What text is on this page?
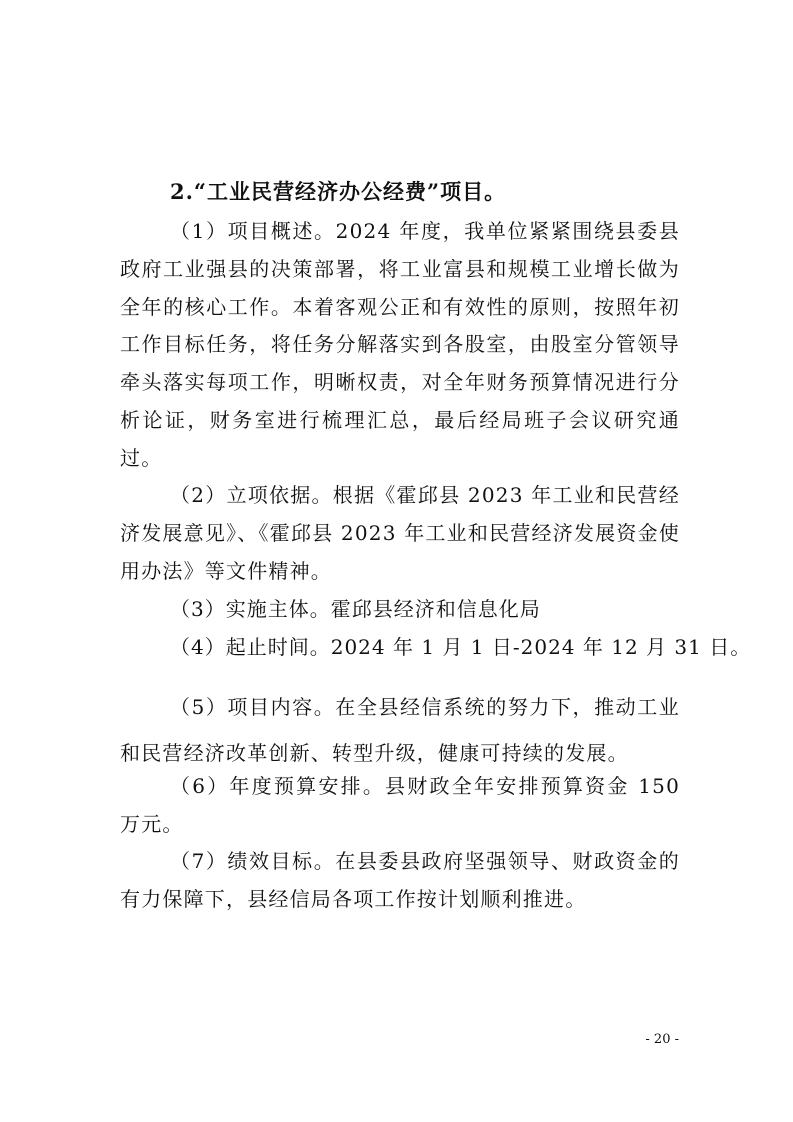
2.“工业民营经济办公经费”项目。
（1）项目概述。2024 年度，我单位紧紧围绕县委县政府工业强县的决策部署，将工业富县和规模工业增长做为全年的核心工作。本着客观公正和有效性的原则，按照年初工作目标任务，将任务分解落实到各股室，由股室分管领导牵头落实每项工作，明晰权责，对全年财务预算情况进行分析论证，财务室进行梳理汇总，最后经局班子会议研究通过。
（2）立项依据。根据《霍邱县 2023 年工业和民营经济发展意见》、《霍邱县 2023 年工业和民营经济发展资金使用办法》等文件精神。
（3）实施主体。霍邱县经济和信息化局
（4）起止时间。2024 年 1 月 1 日-2024 年 12 月 31 日。
（5）项目内容。在全县经信系统的努力下，推动工业和民营经济改革创新、转型升级，健康可持续的发展。
（6）年度预算安排。县财政全年安排预算资金 150 万元。
（7）绩效目标。在县委县政府坚强领导、财政资金的有力保障下，县经信局各项工作按计划顺利推进。
- 20 -
